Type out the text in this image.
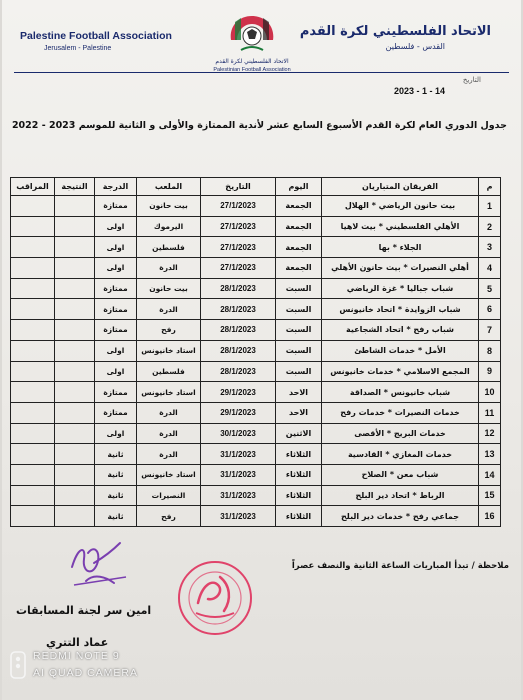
Palestine Football Association
Jerusalem - Palestine
الاتحاد الفلسطيني لكرة القدم
القدس - فلسطين
الاتحاد الفلسطيني لكرة القدم
Palestinian Football Association
التاريخ
2023 - 1 - 14
جدول الدوري العام لكرة القدم الأسبوع السابع عشر لأندية الممتازة والأولى و الثانية للموسم 2023 - 2022
م	الفريقان المتباريان	اليوم	التاريخ	الملعب	الدرجة	النتيجة	المراقب
1	بيت حانون الرياضي * الهلال	الجمعة	27/1/2023	بيت حانون	ممتازة		
2	الأهلي الفلسطيني * بيت لاهيا	الجمعة	27/1/2023	اليرموك	اولى		
3	الجلاء * بها	الجمعة	27/1/2023	فلسطين	اولى		
4	أهلي النصيرات * بيت حانون الأهلي	الجمعة	27/1/2023	الدرة	اولى		
5	شباب جباليا * غزة الرياضي	السبت	28/1/2023	بيت حانون	ممتازة		
6	شباب الزوايدة * اتحاد خانيونس	السبت	28/1/2023	الدرة	ممتازة		
7	شباب رفح * اتحاد الشجاعية	السبت	28/1/2023	رفح	ممتازة		
8	الأمل * خدمات الشاطئ	السبت	28/1/2023	استاد خانيونس	اولى		
9	المجمع الاسلامي * خدمات خانيونس	السبت	28/1/2023	فلسطين	اولى		
10	شباب خانيونس * الصداقة	الاحد	29/1/2023	استاد خانيونس	ممتازة		
11	خدمات النصيرات * خدمات رفح	الاحد	29/1/2023	الدرة	ممتازة		
12	خدمات البريج * الأقصى	الاثنين	30/1/2023	الدرة	اولى		
13	خدمات المغازي * القادسية	الثلاثاء	31/1/2023	الدرة	ثانية		
14	شباب معن * الصلاح	الثلاثاء	31/1/2023	استاد خانيونس	ثانية		
15	الرباط * اتحاد دير البلح	الثلاثاء	31/1/2023	النصيرات	ثانية		
16	جماعي رفح * خدمات دير البلح	الثلاثاء	31/1/2023	رفح	ثانية		
ملاحظة / تبدأ المباريات الساعة الثانية والنصف عصراً
امين سر لجنة المسابقات
عماد التتري
REDMI NOTE 9
AI QUAD CAMERA
